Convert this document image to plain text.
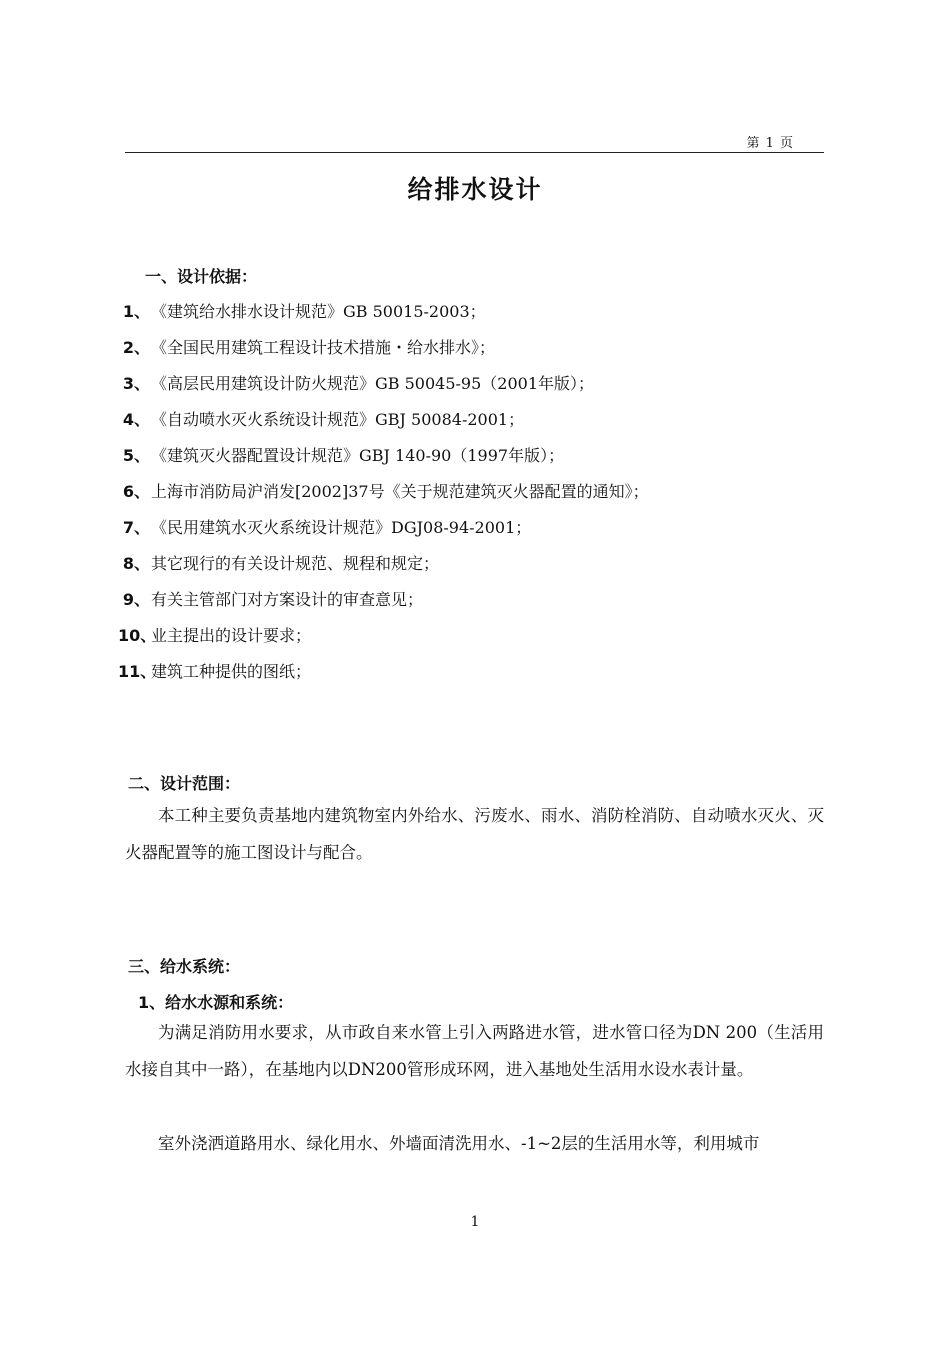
第 1 页
给排水设计
一、设计依据：
1、《建筑给水排水设计规范》GB 50015-2003；
2、《全国民用建筑工程设计技术措施・给水排水》；
3、《高层民用建筑设计防火规范》GB 50045-95（2001年版）；
4、《自动喷水灭火系统设计规范》GBJ 50084-2001；
5、《建筑灭火器配置设计规范》GBJ 140-90（1997年版）；
6、上海市消防局沪消发[2002]37号《关于规范建筑灭火器配置的通知》；
7、《民用建筑水灭火系统设计规范》DGJ08-94-2001；
8、其它现行的有关设计规范、规程和规定；
9、有关主管部门对方案设计的审查意见；
10、业主提出的设计要求；
11、建筑工种提供的图纸；
二、设计范围：
本工种主要负责基地内建筑物室内外给水、污废水、雨水、消防栓消防、自动喷水灭火、灭火器配置等的施工图设计与配合。
三、给水系统：
1、给水水源和系统：
为满足消防用水要求，从市政自来水管上引入两路进水管，进水管口径为DN 200（生活用水接自其中一路），在基地内以DN200管形成环网，进入基地处生活用水设水表计量。
室外浇洒道路用水、绿化用水、外墙面清洗用水、-1~2层的生活用水等，利用城市
1
